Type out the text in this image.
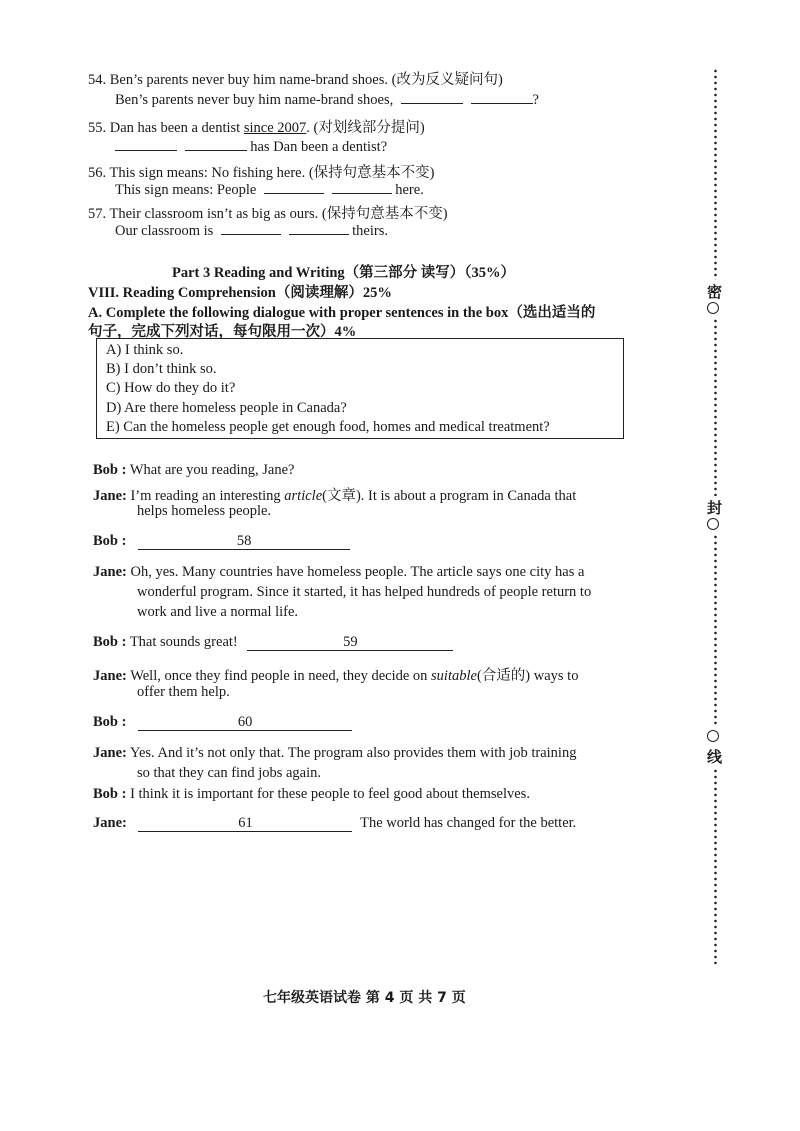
54. Ben’s parents never buy him name-brand shoes. (改为反义疑问句)
Ben’s parents never buy him name-brand shoes,	?
55. Dan has been a dentist since 2007. (对划线部分提问)
has Dan been a dentist?
56. This sign means: No fishing here. (保持句意基本不变)
This sign means: People	here.
57. Their classroom isn’t as big as ours. (保持句意基本不变)
Our classroom is	theirs.
Part 3 Reading and Writing（第三部分 读写）（35%）
VIII. Reading Comprehension（阅读理解）25%
A. Complete the following dialogue with proper sentences in the box（选出适当的
句子，完成下列对话，每句限用一次）4%
A) I think so.
B) I don’t think so.
C) How do they do it?
D) Are there homeless people in Canada?
E) Can the homeless people get enough food, homes and medical treatment?
Bob : What are you reading, Jane?
Jane: I’m reading an interesting article(文章). It is about a program in Canada that
helps homeless people.
Bob :	58
Jane: Oh, yes. Many countries have homeless people. The article says one city has a
wonderful program. Since it started, it has helped hundreds of people return to
work and live a normal life.
Bob : That sounds great!	59
Jane: Well, once they find people in need, they decide on suitable(合适的) ways to
offer them help.
Bob :	60
Jane: Yes. And it’s not only that. The program also provides them with job training
so that they can find jobs again.
Bob : I think it is important for these people to feel good about themselves.
Jane:	61	The world has changed for the better.
七年级英语试卷 第 4 页 共 7 页
密
封
线
